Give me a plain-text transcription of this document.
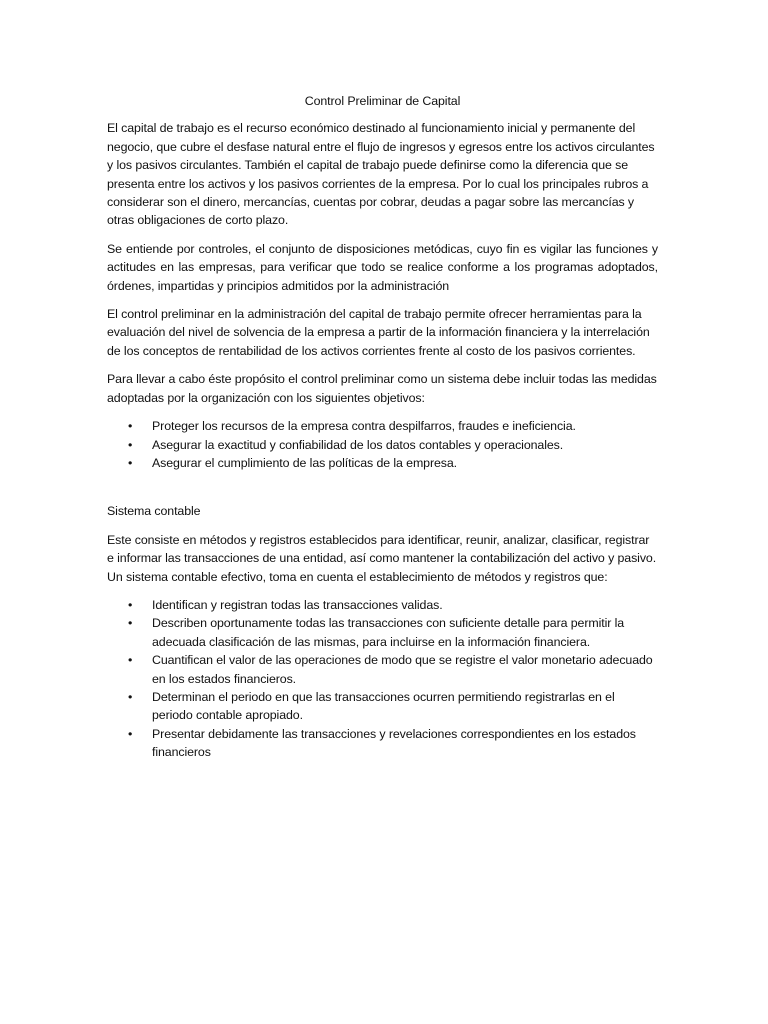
Control Preliminar de Capital

El capital de trabajo es el recurso económico destinado al funcionamiento inicial y permanente del negocio, que cubre el desfase natural entre el flujo de ingresos y egresos entre los activos circulantes y los pasivos circulantes. También el capital de trabajo puede definirse como la diferencia que se presenta entre los activos y los pasivos corrientes de la empresa. Por lo cual los principales rubros a considerar son el dinero, mercancías, cuentas por cobrar, deudas a pagar sobre las mercancías y otras obligaciones de corto plazo.

Se entiende por controles, el conjunto de disposiciones metódicas, cuyo fin es vigilar las funciones y actitudes en las empresas, para verificar que todo se realice conforme a los programas adoptados, órdenes, impartidas y principios admitidos por la administración

El control preliminar en la administración del capital de trabajo permite ofrecer herramientas para la evaluación del nivel de solvencia de la empresa a partir de la información financiera y la interrelación de los conceptos de rentabilidad de los activos corrientes frente al costo de los pasivos corrientes.

Para llevar a cabo éste propósito el control preliminar como un sistema debe incluir todas las medidas adoptadas por la organización con los siguientes objetivos:

• Proteger los recursos de la empresa contra despilfarros, fraudes e ineficiencia.
• Asegurar la exactitud y confiabilidad de los datos contables y operacionales.
• Asegurar el cumplimiento de las políticas de la empresa.

Sistema contable

Este consiste en métodos y registros establecidos para identificar, reunir, analizar, clasificar, registrar e informar las transacciones de una entidad, así como mantener la contabilización del activo y pasivo. Un sistema contable efectivo, toma en cuenta el establecimiento de métodos y registros que:

• Identifican y registran todas las transacciones validas.
• Describen oportunamente todas las transacciones con suficiente detalle para permitir la adecuada clasificación de las mismas, para incluirse en la información financiera.
• Cuantifican el valor de las operaciones de modo que se registre el valor monetario adecuado en los estados financieros.
• Determinan el periodo en que las transacciones ocurren permitiendo registrarlas en el periodo contable apropiado.
• Presentar debidamente las transacciones y revelaciones correspondientes en los estados financieros
